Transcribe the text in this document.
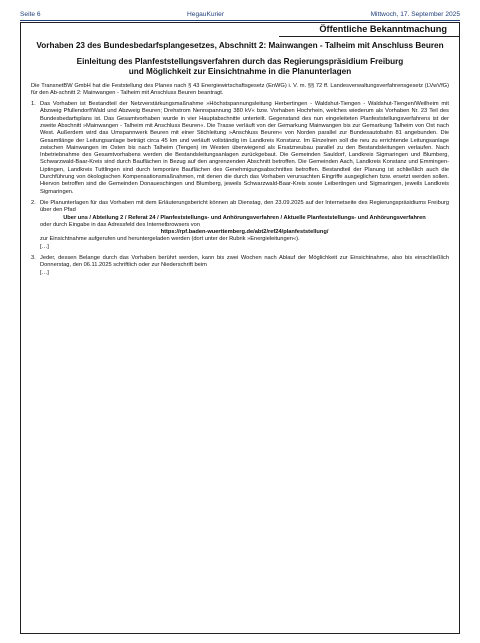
Seite 6	HegauKurier	Mittwoch, 17. September 2025
Öffentliche Bekanntmachung
Vorhaben 23 des Bundesbedarfsplangesetzes, Abschnitt 2: Mainwangen - Talheim mit Anschluss Beuren
Einleitung des Planfeststellungsverfahren durch das Regierungspräsidium Freiburg
und Möglichkeit zur Einsichtnahme in die Planunterlagen

Die TransnetBW GmbH hat die Feststellung des Planes nach § 43 Energiewirtschaftsgesetz (EnWG) i. V. m. §§ 72 ff. Landesverwaltungsverfahrensgesetz (LVwVfG) für den Ab-schnitt 2: Mainwangen - Talheim mit Anschluss Beuren beantragt.

1. Das Vorhaben ist Bestandteil der Netzverstärkungsmaßnahme »Höchstspannungsleitung Herbertingen - Waldshut-Tiengen - Waldshut-Tiengen/Weilheim mit Abzweig Pfullendorf/Wald und Abzweig Beuren; Drehstrom Nennspannung 380 kV« bzw. Vorhaben Hochrhein, welches wiederum als Vorhaben Nr. 23 Teil des Bundesbedarfsplans ist. Das Gesamtvorhaben wurde in vier Hauptabschnitte unterteilt. Gegenstand des nun eingeleiteten Planfeststellungsverfahrens ist der zweite Abschnitt »Mainwangen - Talheim mit Anschluss Beuren«. Die Trasse verläuft von der Gemarkung Mainwangen bis zur Gemarkung Talheim von Ost nach West. Außerdem wird das Umspannwerk Beuren mit einer Stichleitung »Anschluss Beuren« von Norden parallel zur Bundesautobahn 81 angebunden. Die Gesamtlänge der Leitungsanlage beträgt circa 45 km und verläuft vollständig im Landkreis Konstanz. Im Einzelnen soll die neu zu errichtende Leitungsanlage zwischen Mainwangen im Osten bis nach Talheim (Tengen) im Westen überwiegend als Ersatzneubau parallel zu den Bestandsleitungen verlaufen. Nach Inbetriebnahme des Gesamtvorhabens werden die Bestandsleitungsanlagen zurückgebaut. Die Gemeinden Sauldorf, Landkreis Sigmaringen und Blumberg, Schwarzwald-Baar-Kreis sind durch Bauflächen in Bezug auf den angrenzenden Abschnitt betroffen. Die Gemeinden Aach, Landkreis Konstanz und Emmingen-Liptingen, Landkreis Tuttlingen sind durch temporäre Bauflächen des Genehmigungsabschnittes betroffen. Bestandteil der Planung ist schließlich auch die Durchführung von ökologischen Kompensationsmaßnahmen, mit denen die durch das Vorhaben verursachten Eingriffe ausgeglichen bzw. ersetzt werden sollen. Hiervon betroffen sind die Gemeinden Donaueschingen und Blumberg, jeweils Schwarzwald-Baar-Kreis sowie Leibertingen und Sigmaringen, jeweils Landkreis Sigmaringen.

2. Die Planunterlagen für das Vorhaben mit dem Erläuterungsbericht können ab Dienstag, den 23.09.2025 auf der Internetseite des Regierungspräsidiums Freiburg über den Pfad

Uber uns / Abteilung 2 / Referat 24 / Planfeststellungs- und Anhörungsverfahren / Aktuelle Planfeststellungs- und Anhörungsverfahren

oder durch Eingabe in das Adressfeld des Internetbrowsers von

https://rpf.baden-wuerttemberg.de/abt2/ref24/planfeststellung/

zur Einsichtnahme aufgerufen und heruntergeladen werden (dort unter der Rubrik »Energieleitungen«).

[…]

3. Jeder, dessen Belange durch das Vorhaben berührt werden, kann bis zwei Wochen nach Ablauf der Möglichkeit zur Einsichtnahme, also bis einschließlich Donnerstag, den 06.11.2025 schriftlich oder zur Niederschrift beim

[…]
